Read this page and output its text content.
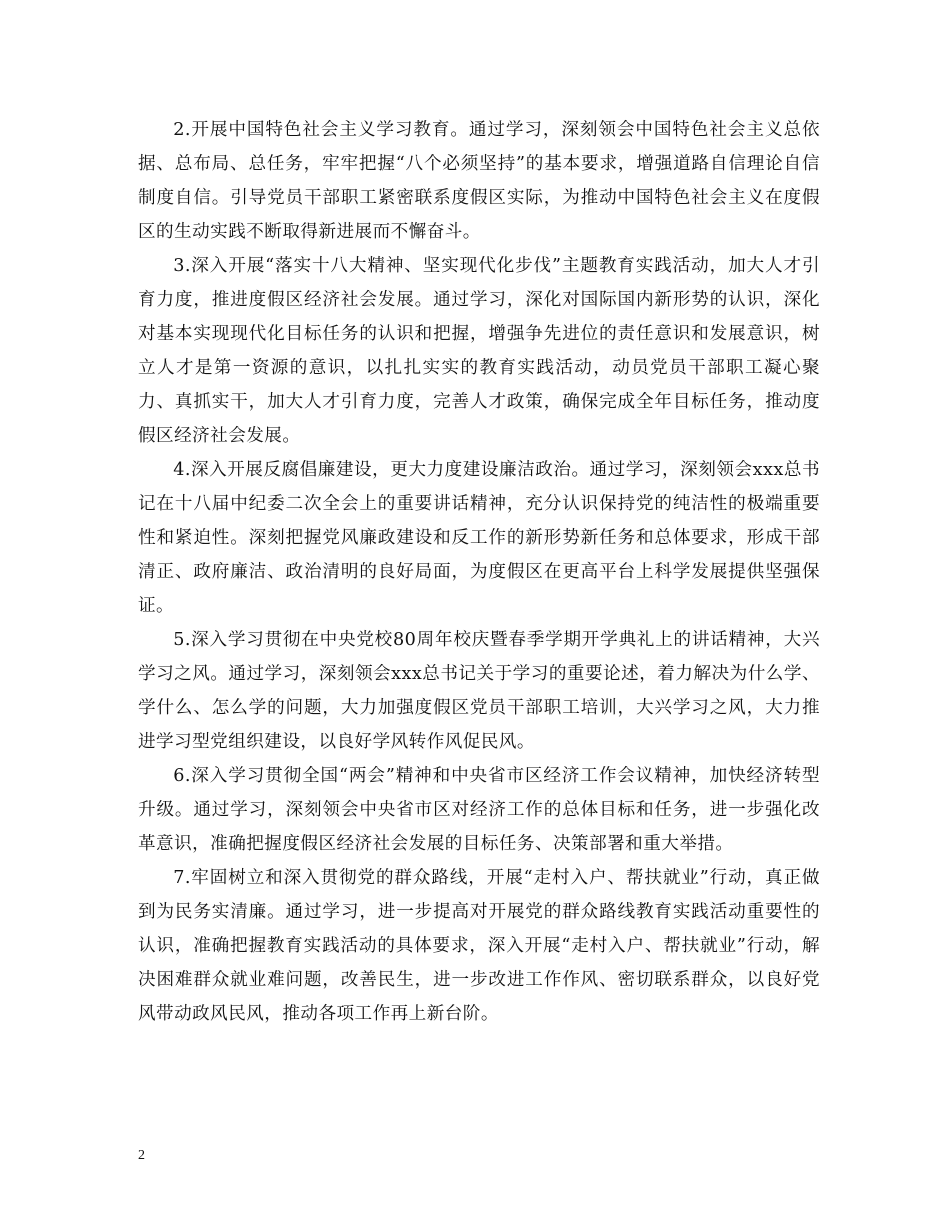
2.开展中国特色社会主义学习教育。通过学习，深刻领会中国特色社会主义总依据、总布局、总任务，牢牢把握“八个必须坚持”的基本要求，增强道路自信理论自信制度自信。引导党员干部职工紧密联系度假区实际，为推动中国特色社会主义在度假区的生动实践不断取得新进展而不懈奋斗。

3.深入开展“落实十八大精神、坚实现代化步伐”主题教育实践活动，加大人才引育力度，推进度假区经济社会发展。通过学习，深化对国际国内新形势的认识，深化对基本实现现代化目标任务的认识和把握，增强争先进位的责任意识和发展意识，树立人才是第一资源的意识，以扎扎实实的教育实践活动，动员党员干部职工凝心聚力、真抓实干，加大人才引育力度，完善人才政策，确保完成全年目标任务，推动度假区经济社会发展。

4.深入开展反腐倡廉建设，更大力度建设廉洁政治。通过学习，深刻领会xxx总书记在十八届中纪委二次全会上的重要讲话精神，充分认识保持党的纯洁性的极端重要性和紧迫性。深刻把握党风廉政建设和反工作的新形势新任务和总体要求，形成干部清正、政府廉洁、政治清明的良好局面，为度假区在更高平台上科学发展提供坚强保证。

5.深入学习贯彻在中央党校80周年校庆暨春季学期开学典礼上的讲话精神，大兴学习之风。通过学习，深刻领会xxx总书记关于学习的重要论述，着力解决为什么学、学什么、怎么学的问题，大力加强度假区党员干部职工培训，大兴学习之风，大力推进学习型党组织建设，以良好学风转作风促民风。

6.深入学习贯彻全国“两会”精神和中央省市区经济工作会议精神，加快经济转型升级。通过学习，深刻领会中央省市区对经济工作的总体目标和任务，进一步强化改革意识，准确把握度假区经济社会发展的目标任务、决策部署和重大举措。

7.牢固树立和深入贯彻党的群众路线，开展“走村入户、帮扶就业”行动，真正做到为民务实清廉。通过学习，进一步提高对开展党的群众路线教育实践活动重要性的认识，准确把握教育实践活动的具体要求，深入开展“走村入户、帮扶就业”行动，解决困难群众就业难问题，改善民生，进一步改进工作作风、密切联系群众，以良好党风带动政风民风，推动各项工作再上新台阶。

2
